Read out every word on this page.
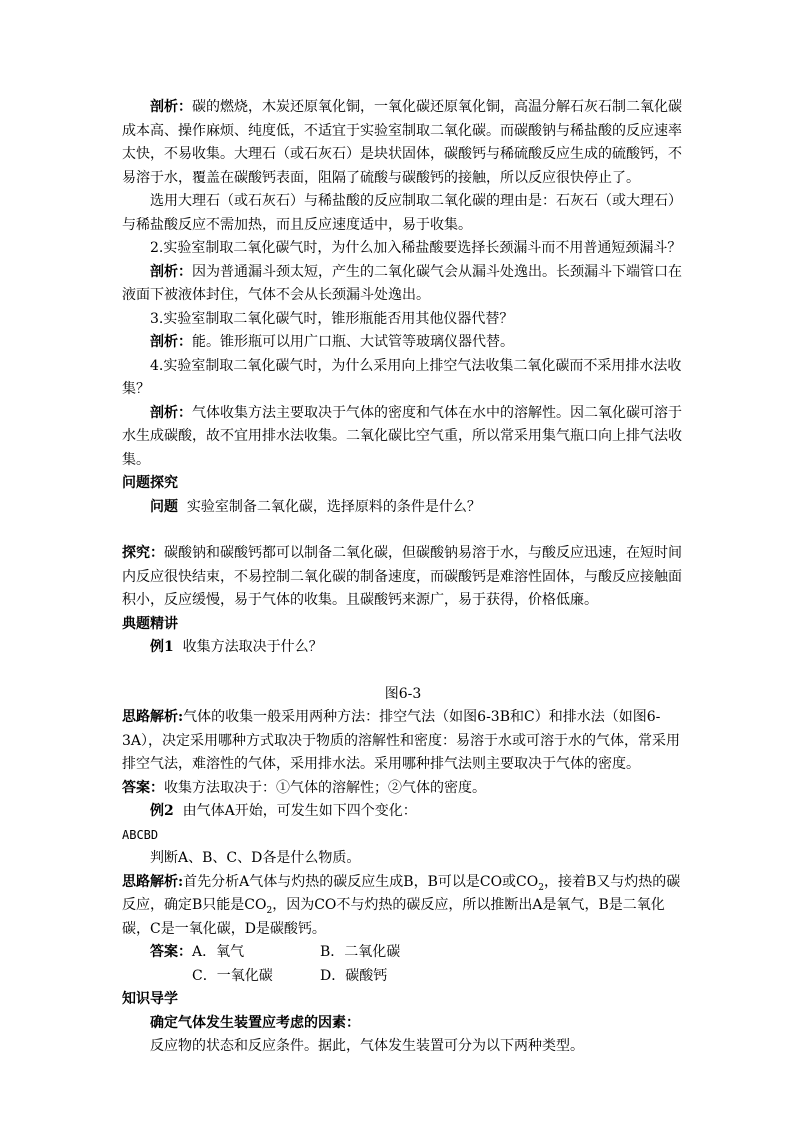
剖析：碳的燃烧，木炭还原氧化铜，一氧化碳还原氧化铜，高温分解石灰石制二氧化碳成本高、操作麻烦、纯度低，不适宜于实验室制取二氧化碳。而碳酸钠与稀盐酸的反应速率太快，不易收集。大理石（或石灰石）是块状固体，碳酸钙与稀硫酸反应生成的硫酸钙，不易溶于水，覆盖在碳酸钙表面，阻隔了硫酸与碳酸钙的接触，所以反应很快停止了。

选用大理石（或石灰石）与稀盐酸的反应制取二氧化碳的理由是：石灰石（或大理石）与稀盐酸反应不需加热，而且反应速度适中，易于收集。

2.实验室制取二氧化碳气时，为什么加入稀盐酸要选择长颈漏斗而不用普通短颈漏斗？

剖析：因为普通漏斗颈太短，产生的二氧化碳气会从漏斗处逸出。长颈漏斗下端管口在液面下被液体封住，气体不会从长颈漏斗处逸出。

3.实验室制取二氧化碳气时，锥形瓶能否用其他仪器代替？

剖析：能。锥形瓶可以用广口瓶、大试管等玻璃仪器代替。

4.实验室制取二氧化碳气时，为什么采用向上排空气法收集二氧化碳而不采用排水法收集？

剖析：气体收集方法主要取决于气体的密度和气体在水中的溶解性。因二氧化碳可溶于水生成碳酸，故不宜用排水法收集。二氧化碳比空气重，所以常采用集气瓶口向上排气法收集。

问题探究

问题 实验室制备二氧化碳，选择原料的条件是什么？

探究：碳酸钠和碳酸钙都可以制备二氧化碳，但碳酸钠易溶于水，与酸反应迅速，在短时间内反应很快结束，不易控制二氧化碳的制备速度，而碳酸钙是难溶性固体，与酸反应接触面积小，反应缓慢，易于气体的收集。且碳酸钙来源广，易于获得，价格低廉。

典题精讲

例1 收集方法取决于什么？

图6-3

思路解析:气体的收集一般采用两种方法：排空气法（如图6-3B和C）和排水法（如图6-3A），决定采用哪种方式取决于物质的溶解性和密度：易溶于水或可溶于水的气体，常采用排空气法，难溶性的气体，采用排水法。采用哪种排气法则主要取决于气体的密度。

答案：收集方法取决于：①气体的溶解性；②气体的密度。

例2 由气体A开始，可发生如下四个变化：

ABCBD

判断A、B、C、D各是什么物质。

思路解析:首先分析A气体与灼热的碳反应生成B，B可以是CO或$CO_2$，接着B又与灼热的碳反应，确定B只能是$CO_2$，因为CO不与灼热的碳反应，所以推断出A是氧气，B是二氧化碳，C是一氧化碳，D是碳酸钙。

答案：A．氧气	B．二氧化碳
C．一氧化碳	D．碳酸钙

知识导学

确定气体发生装置应考虑的因素：

反应物的状态和反应条件。据此，气体发生装置可分为以下两种类型。
